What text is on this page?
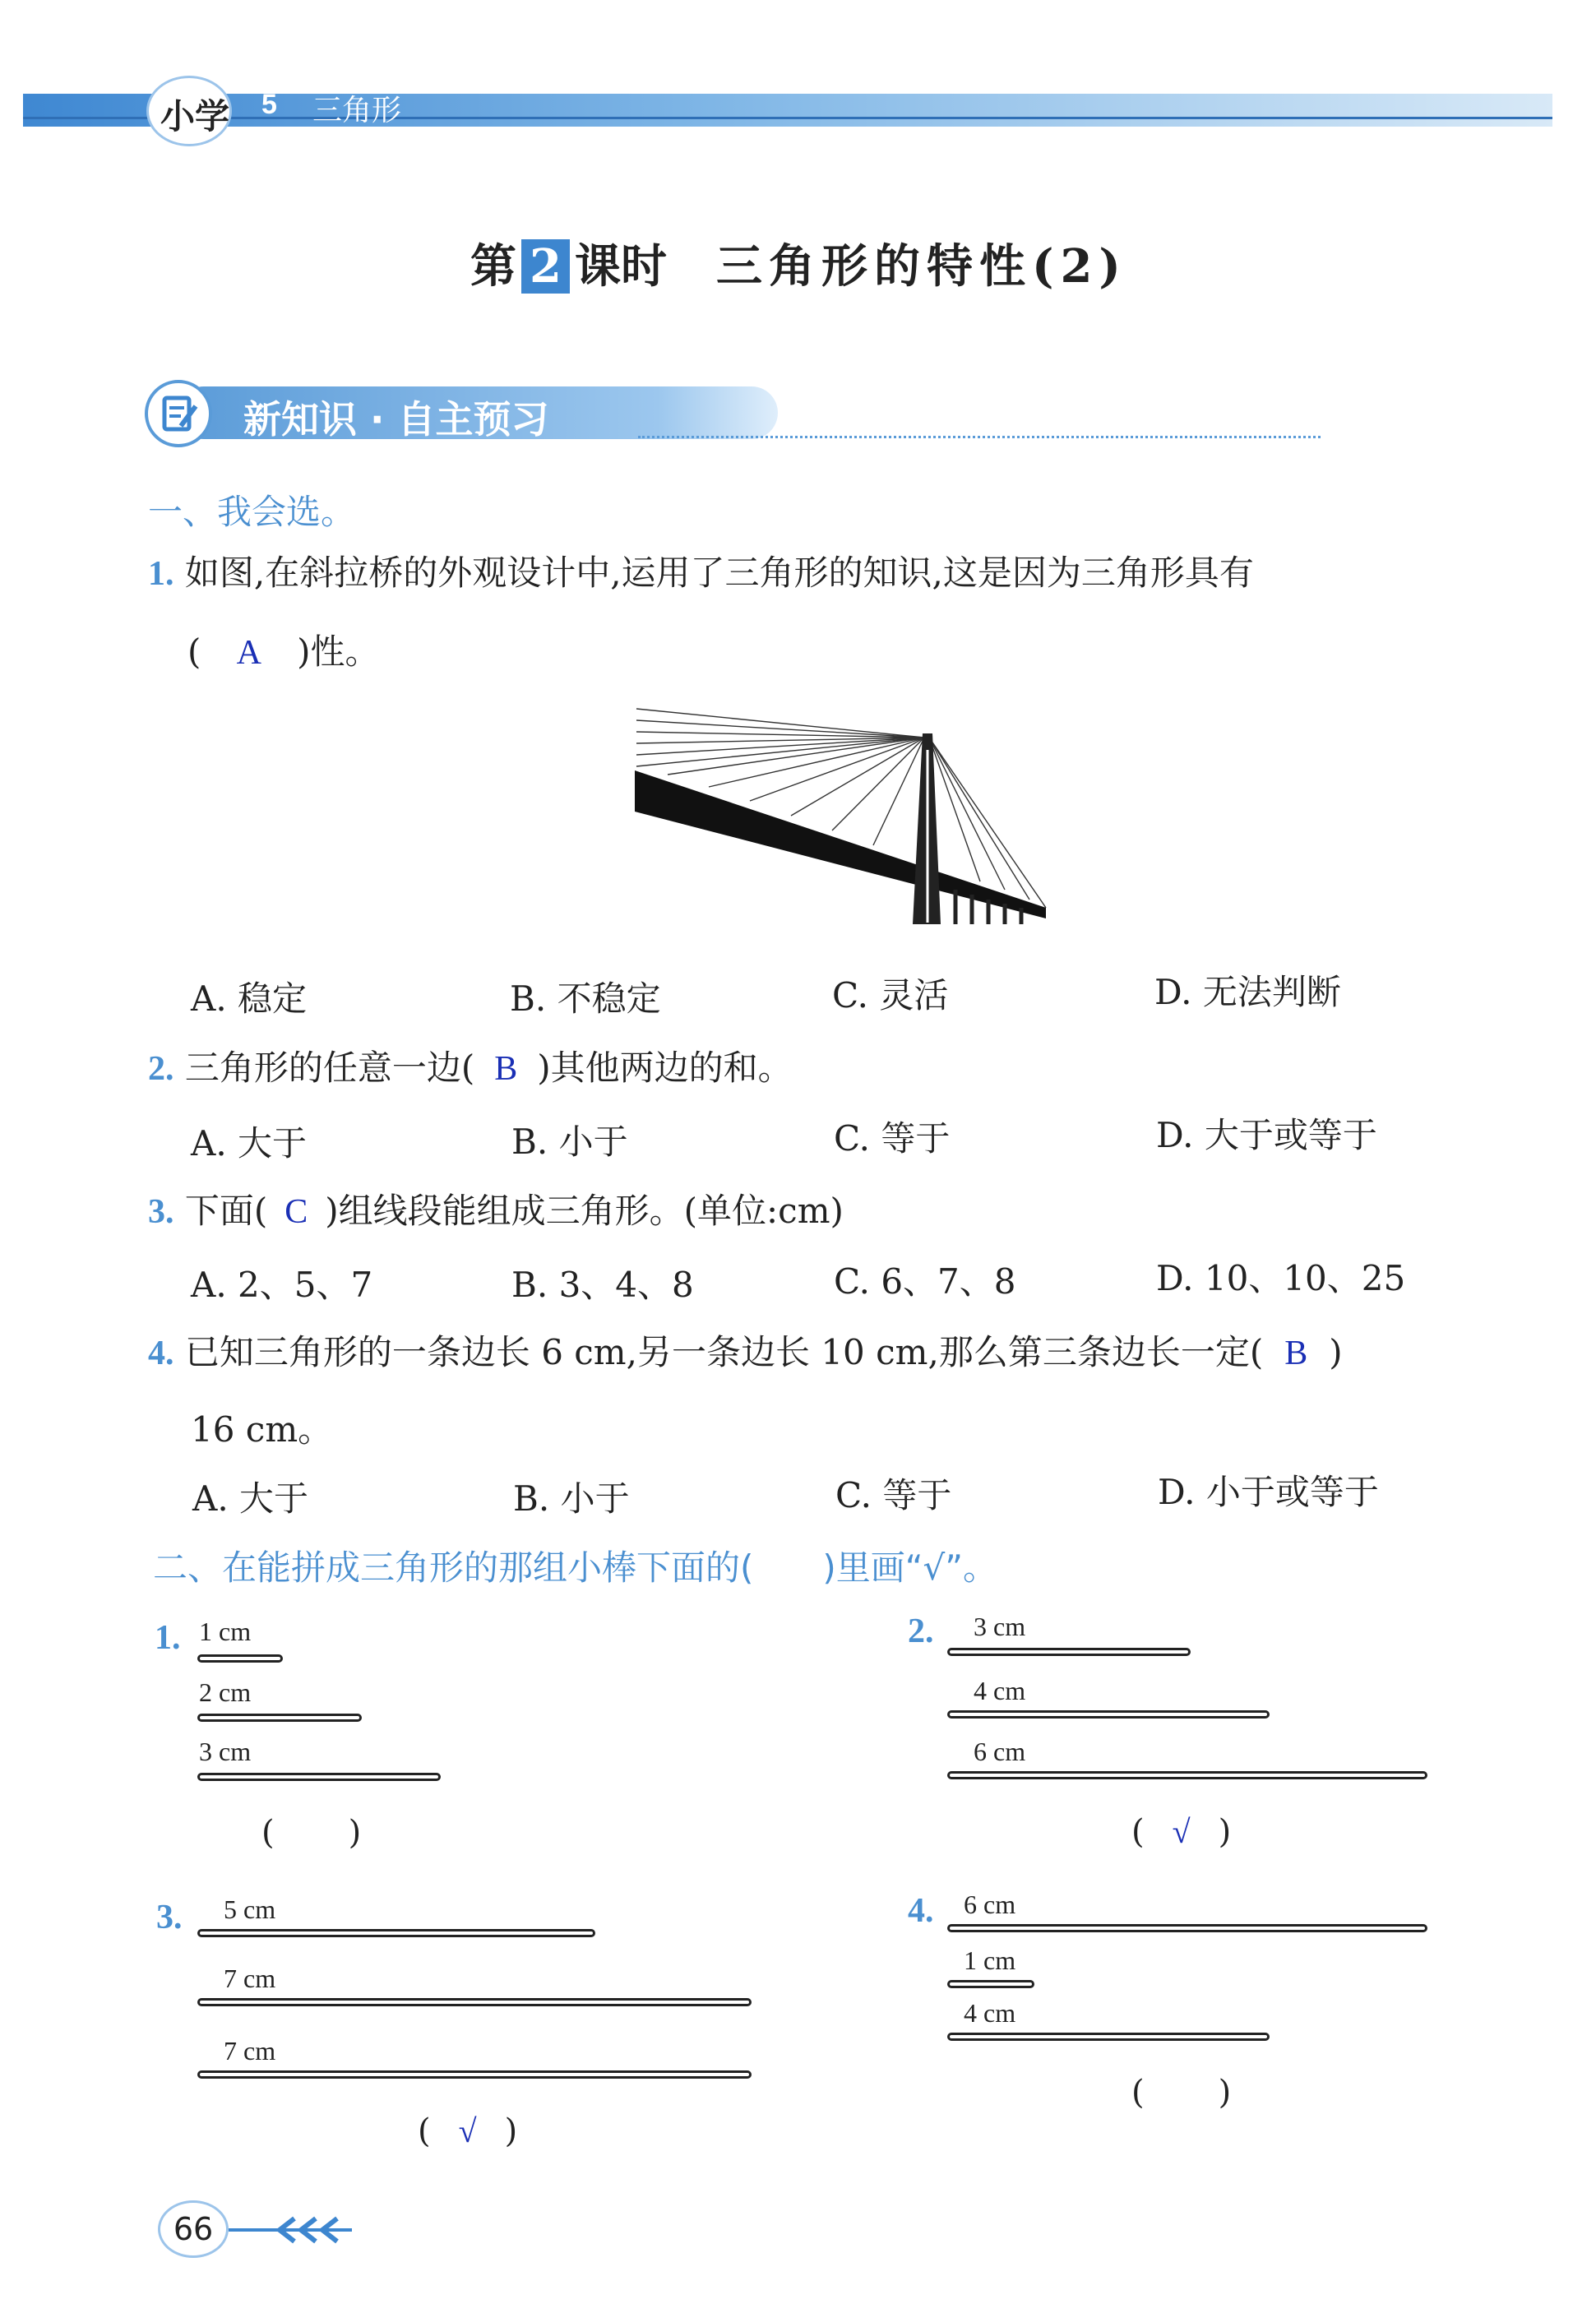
小学 5 三角形
第 2 课时 三角形的特性(2)
新知识 · 自主预习
一、我会选。
1. 如图,在斜拉桥的外观设计中,运用了三角形的知识,这是因为三角形具有
( A )性。
A. 稳定	B. 不稳定	C. 灵活	D. 无法判断
2. 三角形的任意一边( B )其他两边的和。
A. 大于	B. 小于	C. 等于	D. 大于或等于
3. 下面( C )组线段能组成三角形。(单位:cm)
A. 2、5、7	B. 3、4、8	C. 6、7、8	D. 10、10、25
4. 已知三角形的一条边长 6 cm,另一条边长 10 cm,那么第三条边长一定( B )
16 cm。
A. 大于	B. 小于	C. 等于	D. 小于或等于
二、在能拼成三角形的那组小棒下面的(　　)里画“√”。
1. 1 cm
2 cm
3 cm
( )
2. 3 cm
4 cm
6 cm
( √ )
3. 5 cm
7 cm
7 cm
( √ )
4. 6 cm
1 cm
4 cm
( )
66
